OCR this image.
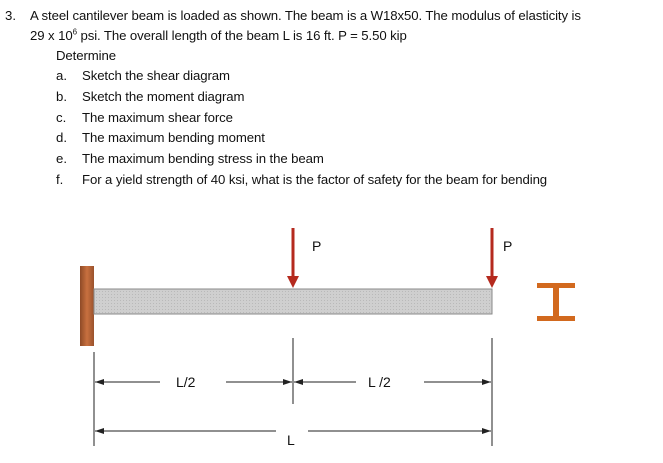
3. A steel cantilever beam is loaded as shown. The beam is a W18x50. The modulus of elasticity is
29 x $10^6$ psi. The overall length of the beam L is 16 ft. P = 5.50 kip
Determine
a. Sketch the shear diagram
b. Sketch the moment diagram
c. The maximum shear force
d. The maximum bending moment
e. The maximum bending stress in the beam
f. For a yield strength of 40 ksi, what is the factor of safety for the beam for bending
P	P
L/2	L /2
L
